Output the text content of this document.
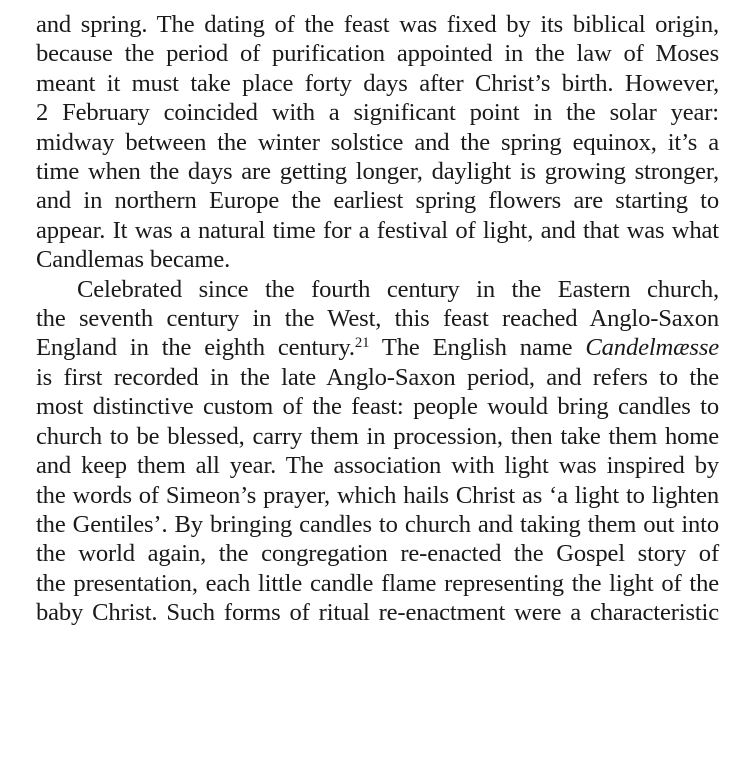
and spring. The dating of the feast was fixed by its biblical origin,
because the period of purification appointed in the law of Moses
meant it must take place forty days after Christ’s birth. However,
2 February coincided with a significant point in the solar year:
midway between the winter solstice and the spring equinox, it’s a
time when the days are getting longer, daylight is growing stronger,
and in northern Europe the earliest spring flowers are starting to
appear. It was a natural time for a festival of light, and that was what
Candlemas became.

Celebrated since the fourth century in the Eastern church,
the seventh century in the West, this feast reached Anglo-Saxon
England in the eighth century.$^{21}$ The English name Candelmæsse
is first recorded in the late Anglo-Saxon period, and refers to the
most distinctive custom of the feast: people would bring candles to
church to be blessed, carry them in procession, then take them home
and keep them all year. The association with light was inspired by
the words of Simeon’s prayer, which hails Christ as ‘a light to lighten
the Gentiles’. By bringing candles to church and taking them out into
the world again, the congregation re-enacted the Gospel story of
the presentation, each little candle flame representing the light of the
baby Christ. Such forms of ritual re-enactment were a characteristic
